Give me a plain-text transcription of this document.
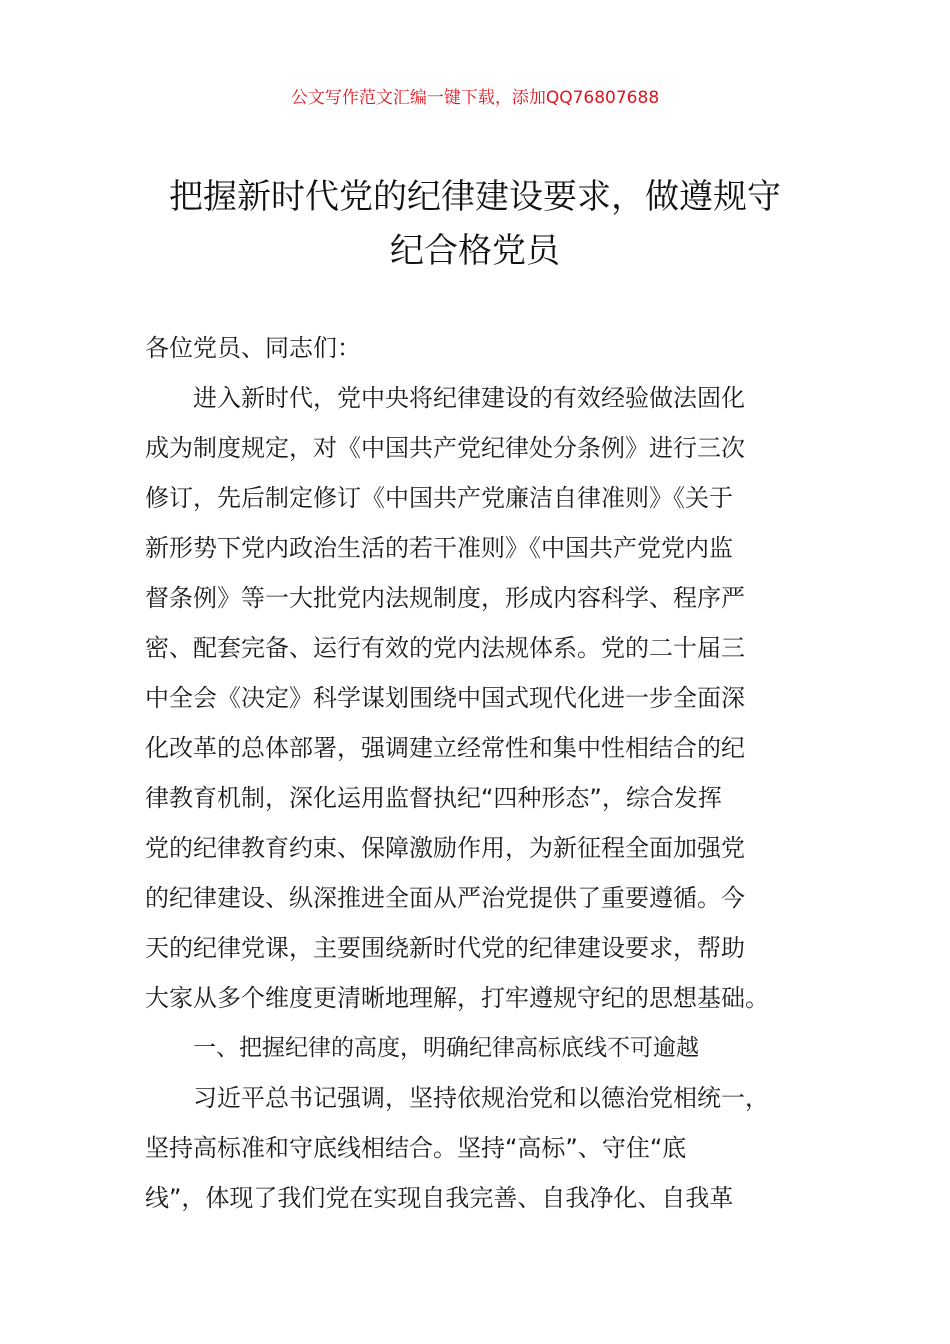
公文写作范文汇编一键下载，添加QQ76807688
把握新时代党的纪律建设要求，做遵规守
纪合格党员
各位党员、同志们：
进入新时代，党中央将纪律建设的有效经验做法固化
成为制度规定，对《中国共产党纪律处分条例》进行三次
修订，先后制定修订《中国共产党廉洁自律准则》《关于
新形势下党内政治生活的若干准则》《中国共产党党内监
督条例》等一大批党内法规制度，形成内容科学、程序严
密、配套完备、运行有效的党内法规体系。党的二十届三
中全会《决定》科学谋划围绕中国式现代化进一步全面深
化改革的总体部署，强调建立经常性和集中性相结合的纪
律教育机制，深化运用监督执纪“四种形态”，综合发挥
党的纪律教育约束、保障激励作用，为新征程全面加强党
的纪律建设、纵深推进全面从严治党提供了重要遵循。今
天的纪律党课，主要围绕新时代党的纪律建设要求，帮助
大家从多个维度更清晰地理解，打牢遵规守纪的思想基础。
一、把握纪律的高度，明确纪律高标底线不可逾越
习近平总书记强调，坚持依规治党和以德治党相统一，
坚持高标准和守底线相结合。坚持“高标”、守住“底
线”，体现了我们党在实现自我完善、自我净化、自我革
